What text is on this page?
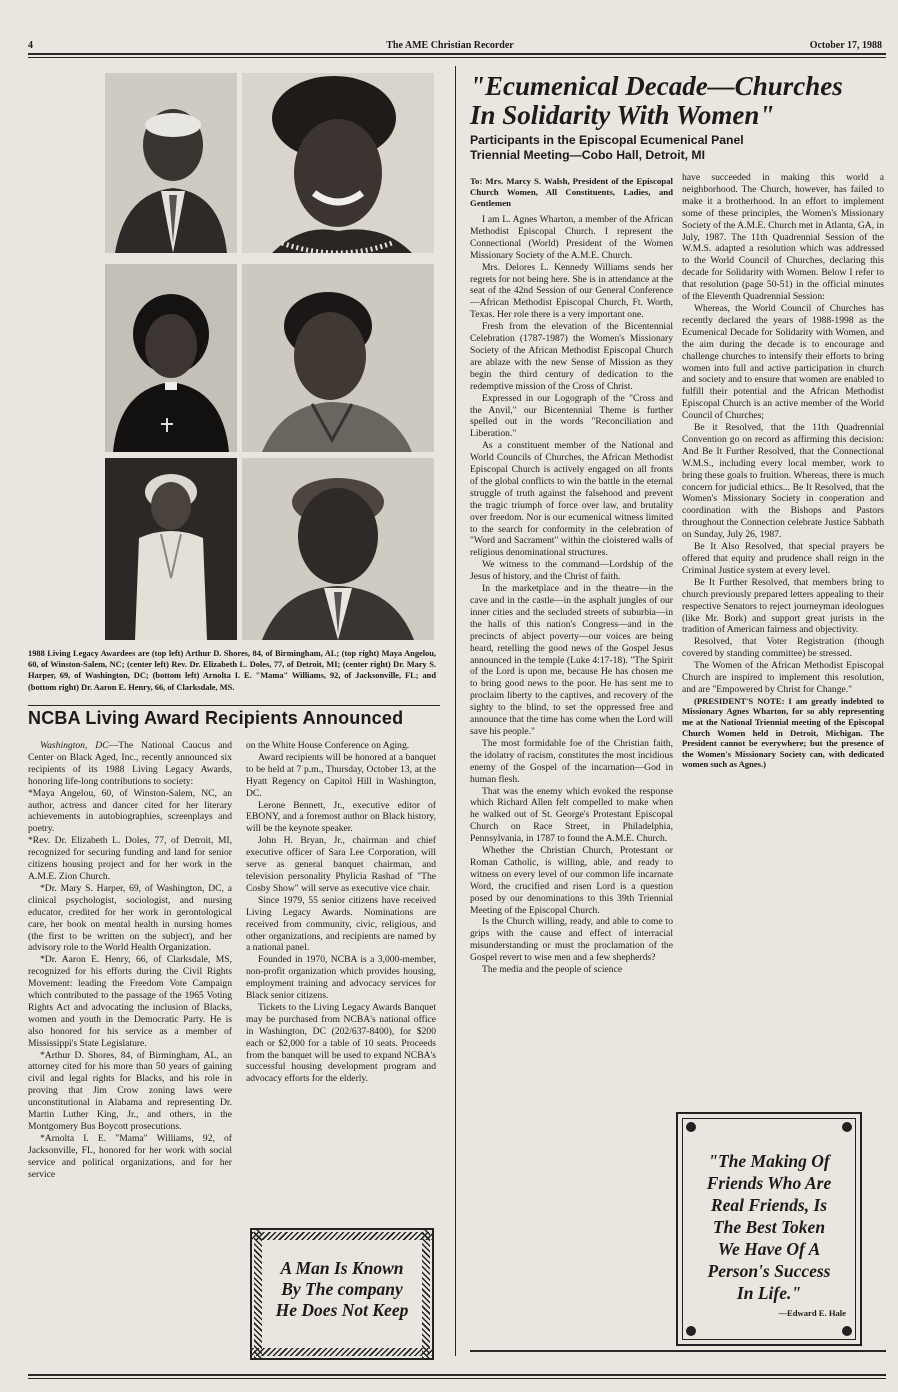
4	The AME Christian Recorder	October 17, 1988
1988 Living Legacy Awardees are (top left) Arthur D. Shores, 84, of Birmingham, AL; (top right) Maya Angelou, 60, of Winston-Salem, NC; (center left) Rev. Dr. Elizabeth L. Doles, 77, of Detroit, MI; (center right) Dr. Mary S. Harper, 69, of Washington, DC; (bottom left) Arnolta I. E. "Mama" Williams, 92, of Jacksonville, FL; and (bottom right) Dr. Aaron E. Henry, 66, of Clarksdale, MS.
NCBA Living Award Recipients Announced

Washington, DC—The National Caucus and Center on Black Aged, Inc., recently announced six recipients of its 1988 Living Legacy Awards, honoring life-long contributions to society:

*Maya Angelou, 60, of Winston-Salem, NC, an author, actress and dancer cited for her literary achievements in autobiographies, screenplays and poetry.

*Rev. Dr. Elizabeth L. Doles, 77, of Detroit, MI, recognized for securing funding and land for senior citizens housing project and for her work in the A.M.E. Zion Church.

*Dr. Mary S. Harper, 69, of Washington, DC, a clinical psychologist, sociologist, and nursing educator, credited for her work in gerontological care, her book on mental health in nursing homes (the first to be written on the subject), and her advisory role to the World Health Organization.

*Dr. Aaron E. Henry, 66, of Clarksdale, MS, recognized for his efforts during the Civil Rights Movement: leading the Freedom Vote Campaign which contributed to the passage of the 1965 Voting Rights Act and advocating the inclusion of Blacks, women and youth in the Democratic Party. He is also honored for his service as a member of Mississippi's State Legislature.

*Arthur D. Shores, 84, of Birmingham, AL, an attorney cited for his more than 50 years of gaining civil and legal rights for Blacks, and his role in proving that Jim Crow zoning laws were unconstitutional in Alabama and representing Dr. Martin Luther King, Jr., and others, in the Montgomery Bus Boycott prosecutions.

*Arnolta I. E. "Mama" Williams, 92, of Jacksonville, FL, honored for her work with social service and political organizations, and for her service

on the White House Conference on Aging.

Award recipients will be honored at a banquet to be held at 7 p.m., Thursday, October 13, at the Hyatt Regency on Capitol Hill in Washington, DC.

Lerone Bennett, Jr., executive editor of EBONY, and a foremost author on Black history, will be the keynote speaker.

John H. Bryan, Jr., chairman and chief executive officer of Sara Lee Corporation, will serve as general banquet chairman, and television personality Phylicia Rashad of "The Cosby Show" will serve as executive vice chair.

Since 1979, 55 senior citizens have received Living Legacy Awards. Nominations are received from community, civic, religious, and other organizations, and recipients are named by a national panel.

Founded in 1970, NCBA is a 3,000-member, non-profit organization which provides housing, employment training and advocacy services for Black senior citizens.

Tickets to the Living Legacy Awards Banquet may be purchased from NCBA's national office in Washington, DC (202/637-8400), for $200 each or $2,000 for a table of 10 seats. Proceeds from the banquet will be used to expand NCBA's successful housing development program and advocacy efforts for the elderly.

A Man Is Known
By The company
He Does Not Keep
"Ecumenical Decade—Churches
In Solidarity With Women"
Participants in the Episcopal Ecumenical Panel
Triennial Meeting—Cobo Hall, Detroit, MI

To: Mrs. Marcy S. Walsh, President of the Episcopal Church Women, All Constituents, Ladies, and Gentlemen

I am L. Agnes Wharton, a member of the African Methodist Episcopal Church. I represent the Connectional (World) President of the Women Missionary Society of the A.M.E. Church.

Mrs. Delores L. Kennedy Williams sends her regrets for not being here. She is in attendance at the seat of the 42nd Session of our General Conference—African Methodist Episcopal Church, Ft. Worth, Texas. Her role there is a very important one.

Fresh from the elevation of the Bicentennial Celebration (1787-1987) the Women's Missionary Society of the African Methodist Episcopal Church are ablaze with the new Sense of Mission as they begin the third century of dedication to the redemptive mission of the Cross of Christ.

Expressed in our Logograph of the "Cross and the Anvil," our Bicentennial Theme is further spelled out in the words "Reconciliation and Liberation."

As a constituent member of the National and World Councils of Churches, the African Methodist Episcopal Church is actively engaged on all fronts of the global conflicts to win the battle in the eternal struggle of truth against the falsehood and prevent the tragic triumph of force over law, and brutality over freedom. Nor is our ecumenical witness limited to the search for conformity in the celebration of "Word and Sacrament" within the cloistered walls of religious denominational structures.

We witness to the command—Lordship of the Jesus of history, and the Christ of faith.

In the marketplace and in the theatre—in the cave and in the castle—in the asphalt jungles of our inner cities and the secluded streets of suburbia—in the halls of this nation's Congress—and in the precincts of abject poverty—our voices are being heard, retelling the good news of the Gospel Jesus announced in the temple (Luke 4:17-18). "The Spirit of the Lord is upon me, because He has chosen me to bring good news to the poor. He has sent me to proclaim liberty to the captives, and recovery of the sighty to the blind, to set the oppressed free and announce that the time has come when the Lord will save his people."

The most formidable foe of the Christian faith, the idolatry of racism, constitutes the most incidious enemy of the Gospel of the incarnation—God in human flesh.

That was the enemy which evoked the response which Richard Allen felt compelled to make when he walked out of St. George's Protestant Episcopal Church on Race Street, in Philadelphia, Pennsylvania, in 1787 to found the A.M.E. Church.

Whether the Christian Church, Protestant or Roman Catholic, is willing, able, and ready to witness on every level of our common life incarnate Word, the crucified and risen Lord is a question posed by our denominations to this 39th Triennial Meeting of the Episcopal Church.

Is the Church willing, ready, and able to come to grips with the cause and effect of interracial misunderstanding or must the proclamation of the Gospel revert to wise men and a few shepherds?

The media and the people of science

have succeeded in making this world a neighborhood. The Church, however, has failed to make it a brotherhood. In an effort to implement some of these principles, the Women's Missionary Society of the A.M.E. Church met in Atlanta, GA, in July, 1987. The 11th Quadrennial Session of the W.M.S. adapted a resolution which was addressed to the World Council of Churches, declaring this decade for Solidarity with Women. Below I refer to that resolution (page 50-51) in the official minutes of the Eleventh Quadrennial Session:

Whereas, the World Council of Churches has recently declared the years of 1988-1998 as the Ecumenical Decade for Solidarity with Women, and the aim during the decade is to encourage and challenge churches to intensify their efforts to bring women into full and active participation in church and society and to ensure that women are enabled to fulfill their potential and the African Methodist Episcopal Church is an active member of the World Council of Churches;

Be it Resolved, that the 11th Quadrennial Convention go on record as affirming this decision: And Be It Further Resolved, that the Connectional W.M.S., including every local member, work to bring these goals to fruition. Whereas, there is much concern for judicial ethics... Be It Resolved, that the Women's Missionary Society in cooperation and coordination with the Bishops and Pastors throughout the Connection celebrate Justice Sabbath on Sunday, July 26, 1987.

Be It Also Resolved, that special prayers be offered that equity and prudence shall reign in the Criminal Justice system at every level.

Be It Further Resolved, that members bring to church previously prepared letters appealing to their respective Senators to reject journeyman ideologues (like Mr. Bork) and support great jurists in the tradition of American fairness and objectivity.

Resolved, that Voter Registration (though covered by standing committee) be stressed.

The Women of the African Methodist Episcopal Church are inspired to implement this resolution, and are "Empowered by Christ for Change."

(PRESIDENT'S NOTE: I am greatly indebted to Missionary Agnes Wharton, for so ably representing me at the National Triennial meeting of the Episcopal Church Women held in Detroit, Michigan. The President cannot be everywhere; but the presence of the Women's Missionary Society can, with dedicated women such as Agnes.)

"The Making Of
Friends Who Are
Real Friends, Is
The Best Token
We Have Of A
Person's Success
In Life."
—Edward E. Hale
